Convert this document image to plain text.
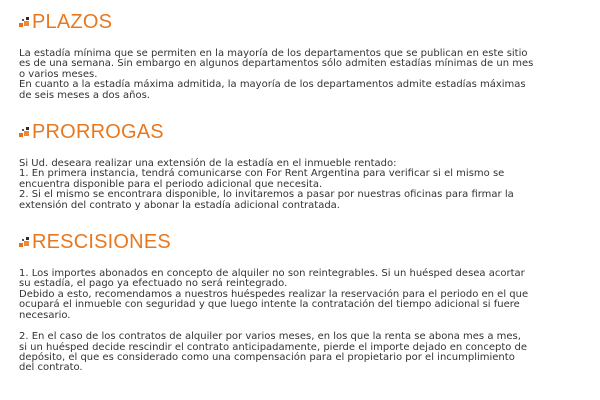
PLAZOS

La estadía mínima que se permiten en la mayoría de los departamentos que se publican en este sitio
es de una semana. Sin embargo en algunos departamentos sólo admiten estadías mínimas de un mes
o varios meses.
En cuanto a la estadía máxima admitida, la mayoría de los departamentos admite estadías máximas
de seis meses a dos años.

PRORROGAS

Si Ud. deseara realizar una extensión de la estadía en el inmueble rentado:
1. En primera instancia, tendrá comunicarse con For Rent Argentina para verificar si el mismo se
encuentra disponible para el periodo adicional que necesita.
2. Si el mismo se encontrara disponible, lo invitaremos a pasar por nuestras oficinas para firmar la
extensión del contrato y abonar la estadía adicional contratada.

RESCISIONES

1. Los importes abonados en concepto de alquiler no son reintegrables. Si un huésped desea acortar
su estadía, el pago ya efectuado no será reintegrado.
Debido a esto, recomendamos a nuestros huéspedes realizar la reservación para el periodo en el que
ocupará el inmueble con seguridad y que luego intente la contratación del tiempo adicional si fuere
necesario.

2. En el caso de los contratos de alquiler por varios meses, en los que la renta se abona mes a mes,
si un huésped decide rescindir el contrato anticipadamente, pierde el importe dejado en concepto de
depósito, el que es considerado como una compensación para el propietario por el incumplimiento
del contrato.
